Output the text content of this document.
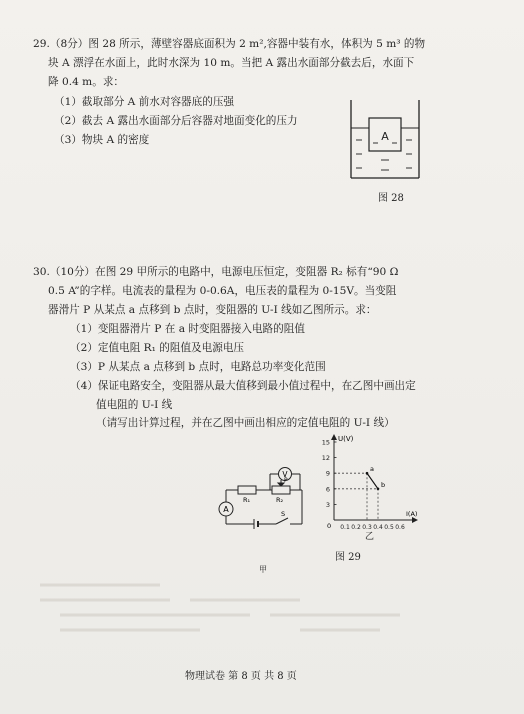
29.（8分）图 28 所示，薄壁容器底面积为 2 m²,容器中装有水，体积为 5 m³ 的物
块 A 漂浮在水面上，此时水深为 10 m。当把 A 露出水面部分截去后，水面下
降 0.4 m。求：
（1）截取部分 A 前水对容器底的压强
（2）截去 A 露出水面部分后容器对地面变化的压力
（3）物块 A 的密度	A
图 28
30.（10分）在图 29 甲所示的电路中，电源电压恒定，变阻器 R₂ 标有“90 Ω
0.5 A”的字样。电流表的量程为 0-0.6A，电压表的量程为 0-15V。当变阻
器滑片 P 从某点 a 点移到 b 点时，变阻器的 U-I 线如乙图所示。求：
（1）变阻器滑片 P 在 a 时变阻器接入电路的阻值
（2）定值电阻 R₁ 的阻值及电源电压
（3）P 从某点 a 点移到 b 点时，电路总功率变化范围
（4）保证电路安全，变阻器从最大值移到最小值过程中，在乙图中画出定
值电阻的 U-I 线
（请写出计算过程，并在乙图中画出相应的定值电阻的 U-I 线）
A
V
R₁	R₂
P
S
甲
15
12
9
6
3
0.1 0.2 0.3 0.4 0.5 0.6
a
b
U(V)
I(A)
0
乙
图 29
物理试卷 第 8 页 共 8 页
